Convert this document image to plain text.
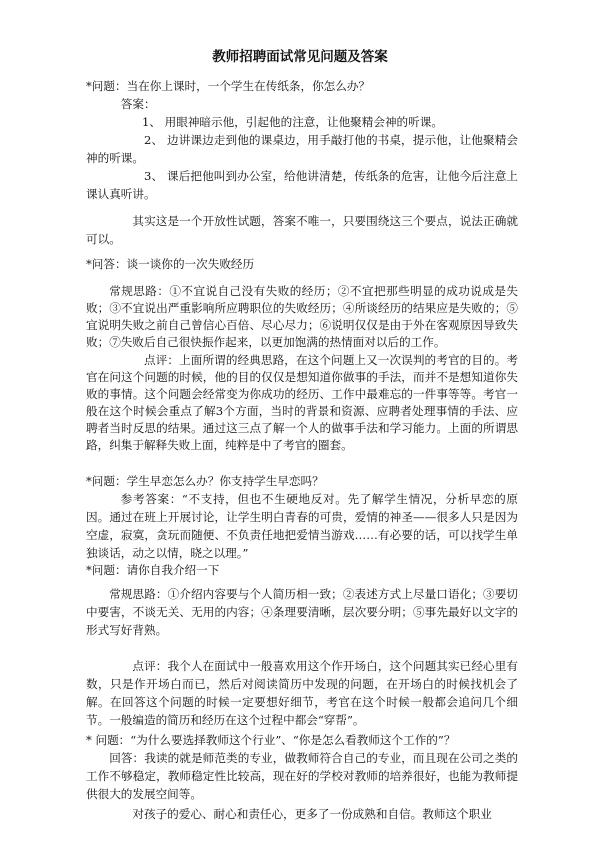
教师招聘面试常见问题及答案

*问题：当在你上课时，一个学生在传纸条，你怎么办？

答案：

1、 用眼神暗示他，引起他的注意，让他聚精会神的听课。

2、 边讲课边走到他的课桌边，用手敲打他的书桌，提示他，让他聚精会神的听课。

3、 课后把他叫到办公室，给他讲清楚，传纸条的危害，让他今后注意上课认真听讲。

其实这是一个开放性试题，答案不唯一，只要围绕这三个要点，说法正确就可以。

*问答：谈一谈你的一次失败经历

常规思路：①不宜说自己没有失败的经历；②不宜把那些明显的成功说成是失败；③不宜说出严重影响所应聘职位的失败经历；④所谈经历的结果应是失败的；⑤宜说明失败之前自己曾信心百倍、尽心尽力；⑥说明仅仅是由于外在客观原因导致失败；⑦失败后自己很快振作起来，以更加饱满的热情面对以后的工作。

点评：上面所谓的经典思路，在这个问题上又一次误判的考官的目的。考官在问这个问题的时候，他的目的仅仅是想知道你做事的手法，而并不是想知道你失败的事情。这个问题会经常变为你成功的经历、工作中最难忘的一件事等等。考官一般在这个时候会重点了解3个方面，当时的背景和资源、应聘者处理事情的手法、应聘者当时反思的结果。通过这三点了解一个人的做事手法和学习能力。上面的所谓思路，纠集于解释失败上面，纯粹是中了考官的圈套。

*问题：学生早恋怎么办？你支持学生早恋吗？

参考答案：“不支持，但也不生硬地反对。先了解学生情况，分析早恋的原因。通过在班上开展讨论，让学生明白青春的可贵，爱情的神圣——很多人只是因为空虚，寂寞，贪玩而随便、不负责任地把爱情当游戏……有必要的话，可以找学生单独谈话，动之以情，晓之以理。”

*问题：请你自我介绍一下

常规思路：①介绍内容要与个人简历相一致；②表述方式上尽量口语化；③要切中要害，不谈无关、无用的内容；④条理要清晰，层次要分明；⑤事先最好以文字的形式写好背熟。

点评：我个人在面试中一般喜欢用这个作开场白，这个问题其实已经心里有数，只是作开场白而已，然后对阅读简历中发现的问题，在开场白的时候找机会了解。在回答这个问题的时候一定要想好细节，考官在这个时候一般都会追问几个细节。一般编造的简历和经历在这个过程中都会“穿帮”。

* 问题：“为什么要选择教师这个行业”、“你是怎么看教师这个工作的”？

回答：我读的就是师范类的专业，做教师符合自己的专业，而且现在公司之类的工作不够稳定，教师稳定性比较高，现在好的学校对教师的培养很好，也能为教师提供很大的发展空间等。

对孩子的爱心、耐心和责任心，更多了一份成熟和自信。教师这个职业
